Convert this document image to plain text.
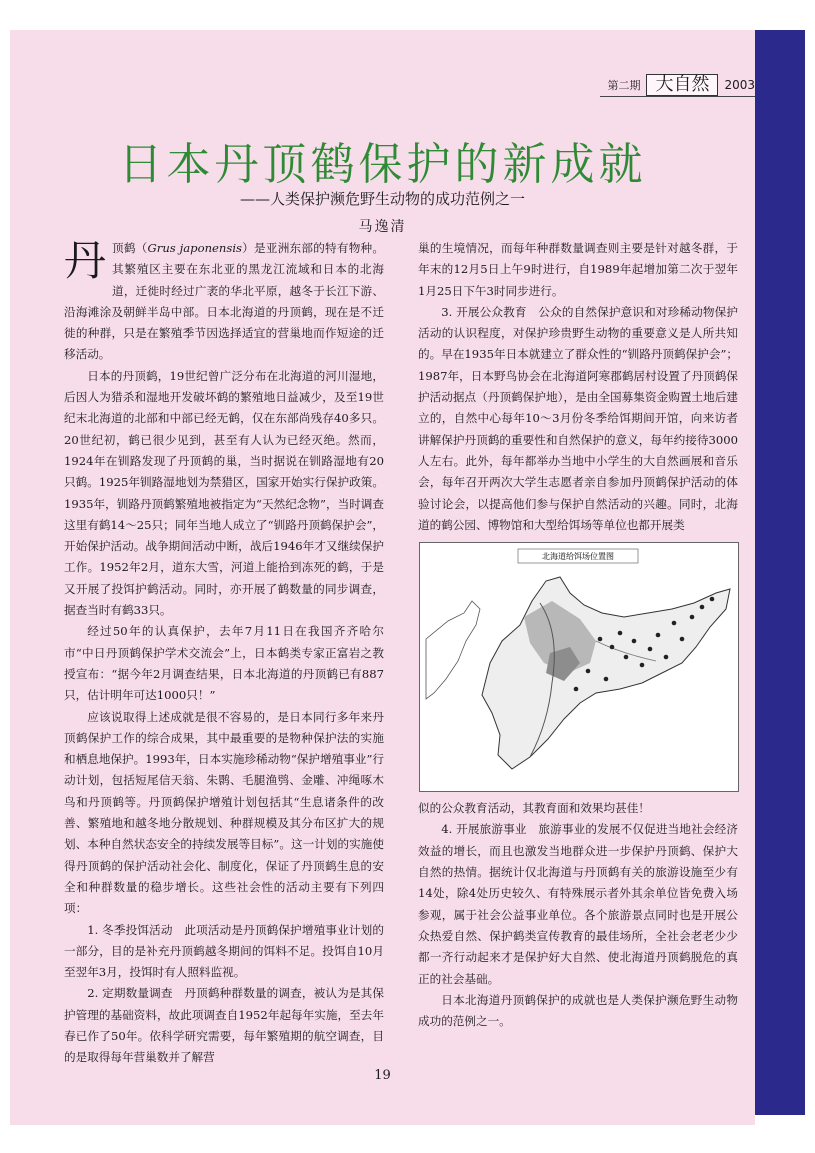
第二期 大自然	2003
日本丹顶鹤保护的新成就
——人类保护濒危野生动物的成功范例之一
马逸清

丹顶鹤（Grus japonensis）是亚洲东部的特有物种。其繁殖区主要在东北亚的黑龙江流域和日本的北海道，迁徙时经过广袤的华北平原，越冬于长江下游、沿海滩涂及朝鲜半岛中部。日本北海道的丹顶鹤，现在是不迁徙的种群，只是在繁殖季节因选择适宜的营巢地而作短途的迁移活动。

日本的丹顶鹤，19世纪曾广泛分布在北海道的河川湿地，后因人为猎杀和湿地开发破坏鹤的繁殖地日益减少，及至19世纪末北海道的北部和中部已经无鹤，仅在东部尚残存40多只。20世纪初，鹤已很少见到，甚至有人认为已经灭绝。然而，1924年在钏路发现了丹顶鹤的巢，当时据说在钏路湿地有20只鹤。1925年钏路湿地划为禁猎区，国家开始实行保护政策。1935年，钏路丹顶鹤繁殖地被指定为“天然纪念物”，当时调查这里有鹤14～25只；同年当地人成立了“钏路丹顶鹤保护会”，开始保护活动。战争期间活动中断，战后1946年才又继续保护工作。1952年2月，道东大雪，河道上能拾到冻死的鹤，于是又开展了投饵护鹤活动。同时，亦开展了鹤数量的同步调查，据查当时有鹤33只。

经过50年的认真保护，去年7月11日在我国齐齐哈尔市“中日丹顶鹤保护学术交流会”上，日本鹤类专家正富岩之教授宣布：“据今年2月调查结果，日本北海道的丹顶鹤已有887只，估计明年可达1000只！”

应该说取得上述成就是很不容易的，是日本同行多年来丹顶鹤保护工作的综合成果，其中最重要的是物种保护法的实施和栖息地保护。1993年，日本实施珍稀动物“保护增殖事业”行动计划，包括短尾信天翁、朱鹮、毛腿渔鸮、金雕、冲绳啄木鸟和丹顶鹤等。丹顶鹤保护增殖计划包括其“生息诸条件的改善、繁殖地和越冬地分散规划、种群规模及其分布区扩大的规划、本种自然状态安全的持续发展等目标”。这一计划的实施使得丹顶鹤的保护活动社会化、制度化，保证了丹顶鹤生息的安全和种群数量的稳步增长。这些社会性的活动主要有下列四项：

1. 冬季投饵活动　此项活动是丹顶鹤保护增殖事业计划的一部分，目的是补充丹顶鹤越冬期间的饵料不足。投饵自10月至翌年3月，投饵时有人照料监视。

2. 定期数量调查　丹顶鹤种群数量的调查，被认为是其保护管理的基础资料，故此项调查自1952年起每年实施，至去年春已作了50年。依科学研究需要，每年繁殖期的航空调查，目的是取得每年营巢数并了解营

巢的生境情况，而每年种群数量调查则主要是针对越冬群，于年末的12月5日上午9时进行，自1989年起增加第二次于翌年1月25日下午3时同步进行。

3. 开展公众教育　公众的自然保护意识和对珍稀动物保护活动的认识程度，对保护珍贵野生动物的重要意义是人所共知的。早在1935年日本就建立了群众性的“钏路丹顶鹤保护会”；1987年，日本野鸟协会在北海道阿寒郡鹤居村设置了丹顶鹤保护活动据点（丹顶鹤保护地），是由全国募集资金购置土地后建立的，自然中心每年10～3月份冬季给饵期间开馆，向来访者讲解保护丹顶鹤的重要性和自然保护的意义，每年约接待3000人左右。此外，每年都举办当地中小学生的大自然画展和音乐会，每年召开两次大学生志愿者亲自参加丹顶鹤保护活动的体验讨论会，以提高他们参与保护自然活动的兴趣。同时，北海道的鹤公园、博物馆和大型给饵场等单位也都开展类

北海道给饵场位置图

似的公众教育活动，其教育面和效果均甚佳！

4. 开展旅游事业　旅游事业的发展不仅促进当地社会经济效益的增长，而且也激发当地群众进一步保护丹顶鹤、保护大自然的热情。据统计仅北海道与丹顶鹤有关的旅游设施至少有14处，除4处历史较久、有特殊展示者外其余单位皆免费入场参观，属于社会公益事业单位。各个旅游景点同时也是开展公众热爱自然、保护鹤类宣传教育的最佳场所，全社会老老少少都一齐行动起来才是保护好大自然、使北海道丹顶鹤脱危的真正的社会基础。

日本北海道丹顶鹤保护的成就也是人类保护濒危野生动物成功的范例之一。

19
